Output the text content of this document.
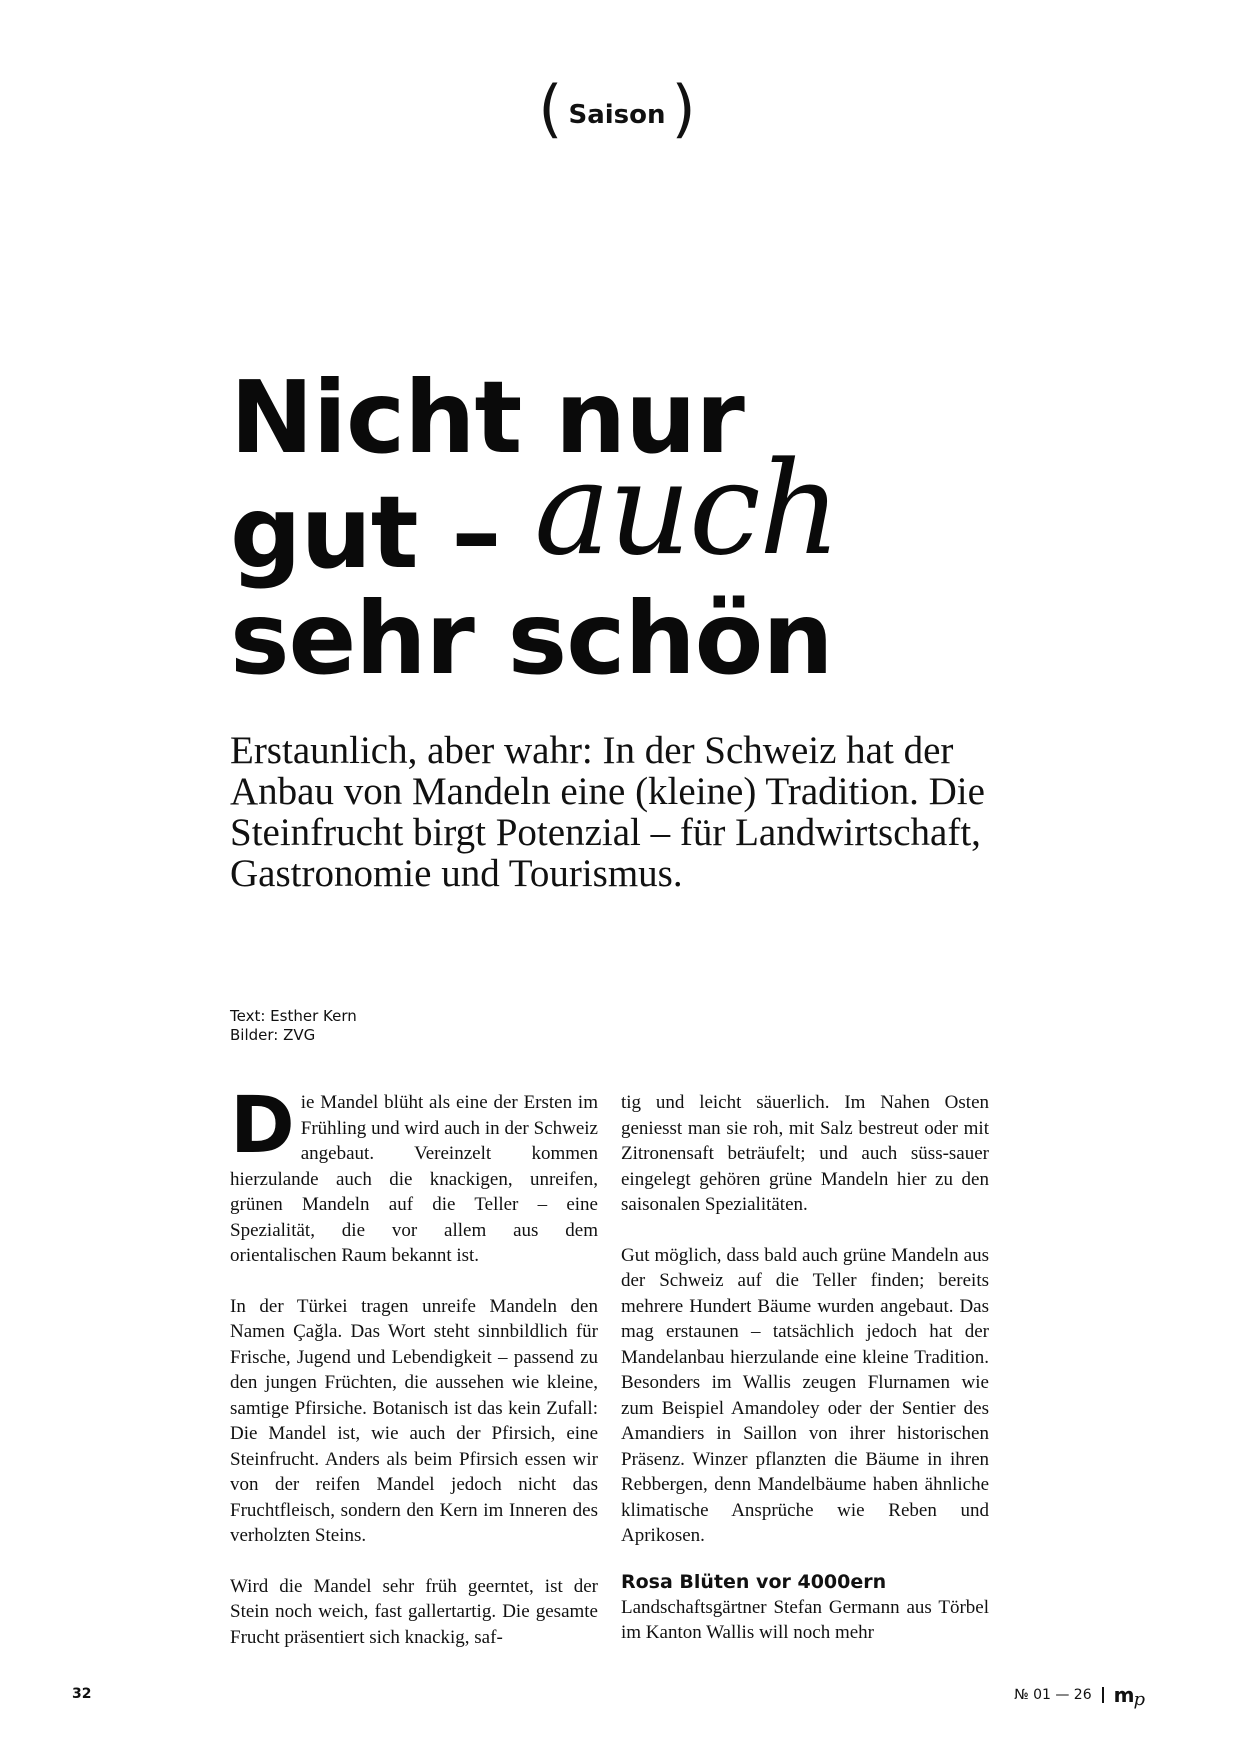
( Saison)
Nicht nur
gut – auch
sehr schön
Erstaunlich, aber wahr: In der Schweiz hat der Anbau von Mandeln eine (kleine) Tradition. Die Steinfrucht birgt Potenzial – für Landwirtschaft, Gastronomie und Tourismus.
Text: Esther Kern
Bilder: ZVG

Die Mandel blüht als eine der Ersten im Frühling und wird auch in der Schweiz angebaut. Vereinzelt kommen hierzulande auch die knackigen, unreifen, grünen Mandeln auf die Teller – eine Spezialität, die vor allem aus dem orientalischen Raum bekannt ist.

In der Türkei tragen unreife Mandeln den Namen Çağla. Das Wort steht sinnbildlich für Frische, Jugend und Lebendigkeit – passend zu den jungen Früchten, die aussehen wie kleine, samtige Pfirsiche. Botanisch ist das kein Zufall: Die Mandel ist, wie auch der Pfirsich, eine Steinfrucht. Anders als beim Pfirsich essen wir von der reifen Mandel jedoch nicht das Fruchtfleisch, sondern den Kern im Inneren des verholzten Steins.

Wird die Mandel sehr früh geerntet, ist der Stein noch weich, fast gallertartig. Die gesamte Frucht präsentiert sich knackig, saf-

tig und leicht säuerlich. Im Nahen Osten geniesst man sie roh, mit Salz bestreut oder mit Zitronensaft beträufelt; und auch süss-sauer eingelegt gehören grüne Mandeln hier zu den saisonalen Spezialitäten.

Gut möglich, dass bald auch grüne Mandeln aus der Schweiz auf die Teller finden; bereits mehrere Hundert Bäume wurden angebaut. Das mag erstaunen – tatsächlich jedoch hat der Mandelanbau hierzulande eine kleine Tradition. Besonders im Wallis zeugen Flurnamen wie zum Beispiel Amandoley oder der Sentier des Amandiers in Saillon von ihrer historischen Präsenz. Winzer pflanzten die Bäume in ihren Rebbergen, denn Mandelbäume haben ähnliche klimatische Ansprüche wie Reben und Aprikosen.

Rosa Blüten vor 4000ern

Landschaftsgärtner Stefan Germann aus Törbel im Kanton Wallis will noch mehr

32	№ 01 — 26 mp
